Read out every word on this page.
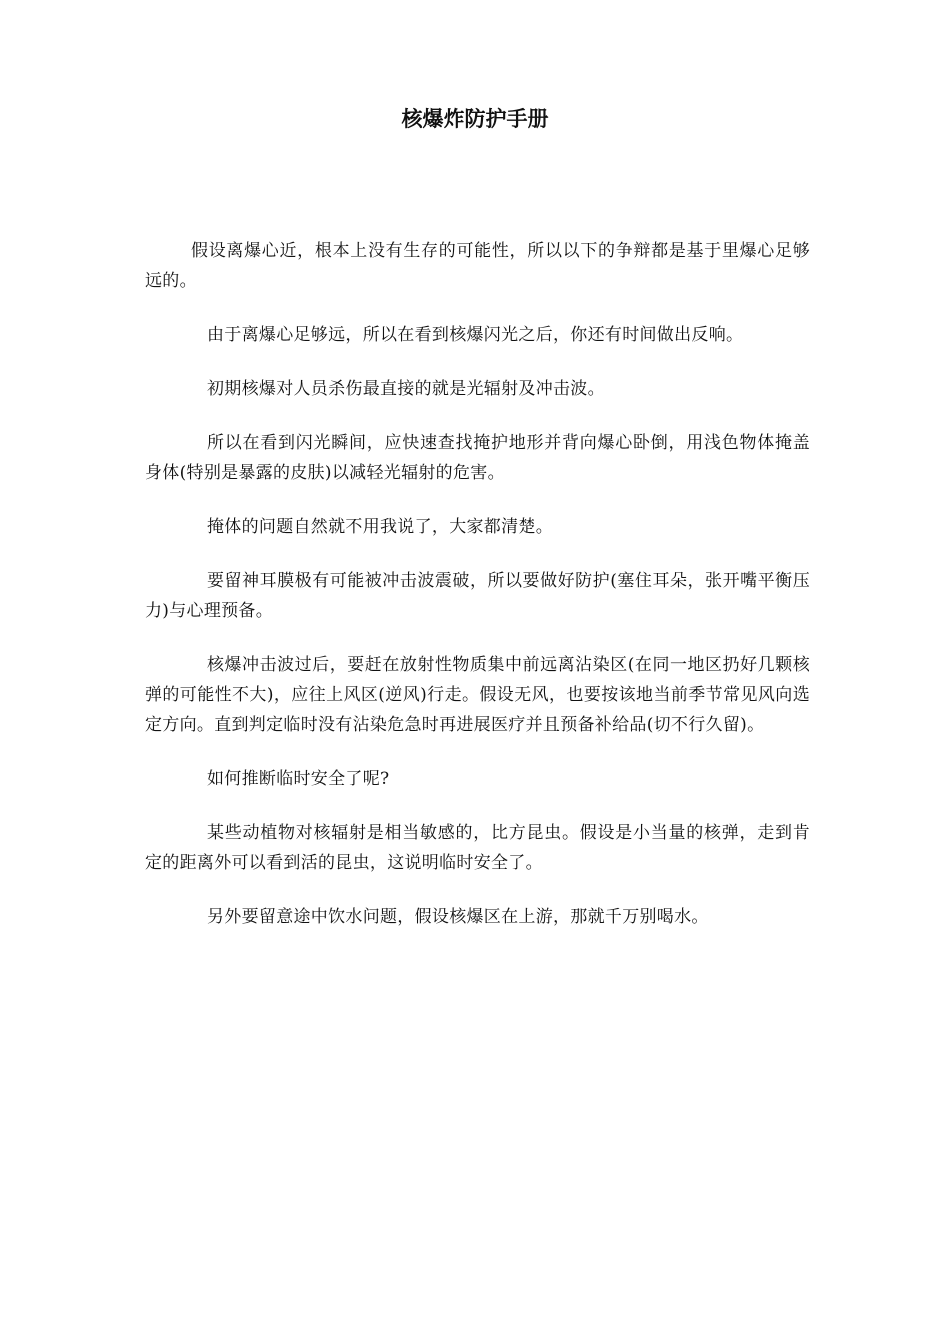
核爆炸防护手册

假设离爆心近，根本上没有生存的可能性，所以以下的争辩都是基于里爆心足够远的。

由于离爆心足够远，所以在看到核爆闪光之后，你还有时间做出反响。

初期核爆对人员杀伤最直接的就是光辐射及冲击波。

所以在看到闪光瞬间，应快速查找掩护地形并背向爆心卧倒，用浅色物体掩盖身体(特别是暴露的皮肤)以减轻光辐射的危害。

掩体的问题自然就不用我说了，大家都清楚。

要留神耳膜极有可能被冲击波震破，所以要做好防护(塞住耳朵，张开嘴平衡压力)与心理预备。

核爆冲击波过后，要赶在放射性物质集中前远离沾染区(在同一地区扔好几颗核弹的可能性不大)，应往上风区(逆风)行走。假设无风，也要按该地当前季节常见风向选定方向。直到判定临时没有沾染危急时再进展医疗并且预备补给品(切不行久留)。

如何推断临时安全了呢?

某些动植物对核辐射是相当敏感的，比方昆虫。假设是小当量的核弹，走到肯定的距离外可以看到活的昆虫，这说明临时安全了。

另外要留意途中饮水问题，假设核爆区在上游，那就千万别喝水。
